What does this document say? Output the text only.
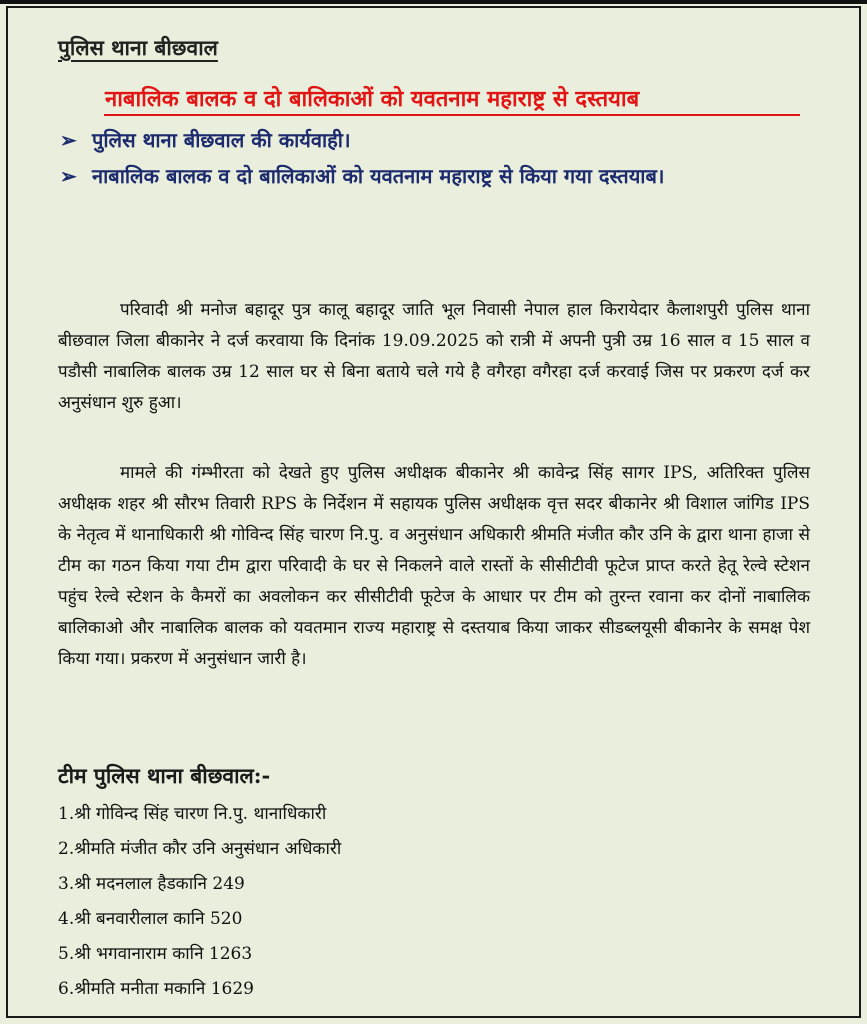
पुलिस थाना बीछवाल
नाबालिक बालक व दो बालिकाओं को यवतनाम महाराष्ट्र से दस्तयाब
➢ पुलिस थाना बीछवाल की कार्यवाही।
➢ नाबालिक बालक व दो बालिकाओं को यवतनाम महाराष्ट्र से किया गया दस्तयाब।
परिवादी श्री मनोज बहादूर पुत्र कालू बहादूर जाति भूल निवासी नेपाल हाल किरायेदार कैलाशपुरी पुलिस थाना बीछवाल जिला बीकानेर ने दर्ज करवाया कि दिनांक 19.09.2025 को रात्री में अपनी पुत्री उम्र 16 साल व 15 साल व पडौसी नाबालिक बालक उम्र 12 साल घर से बिना बताये चले गये है वगैरहा वगैरहा दर्ज करवाई जिस पर प्रकरण दर्ज कर अनुसंधान शुरु हुआ।
मामले की गंम्भीरता को देखते हुए पुलिस अधीक्षक बीकानेर श्री कावेन्द्र सिंह सागर IPS, अतिरिक्त पुलिस अधीक्षक शहर श्री सौरभ तिवारी RPS के निर्देशन में सहायक पुलिस अधीक्षक वृत्त सदर बीकानेर श्री विशाल जांगिड IPS के नेतृत्व में थानाधिकारी श्री गोविन्द सिंह चारण नि.पु. व अनुसंधान अधिकारी श्रीमति मंजीत कौर उनि के द्वारा थाना हाजा से टीम का गठन किया गया टीम द्वारा परिवादी के घर से निकलने वाले रास्तों के सीसीटीवी फूटेज प्राप्त करते हेतू रेल्वे स्टेशन पहुंच रेल्वे स्टेशन के कैमरों का अवलोकन कर सीसीटीवी फूटेज के आधार पर टीम को तुरन्त रवाना कर दोनों नाबालिक बालिकाओ और नाबालिक बालक को यवतमान राज्य महाराष्ट्र से दस्तयाब किया जाकर सीडब्लयूसी बीकानेर के समक्ष पेश किया गया। प्रकरण में अनुसंधान जारी है।
टीम पुलिस थाना बीछवाल:-
1.श्री गोविन्द सिंह चारण नि.पु. थानाधिकारी
2.श्रीमति मंजीत कौर उनि अनुसंधान अधिकारी
3.श्री मदनलाल हैडकानि 249
4.श्री बनवारीलाल कानि 520
5.श्री भगवानाराम कानि 1263
6.श्रीमति मनीता मकानि 1629
